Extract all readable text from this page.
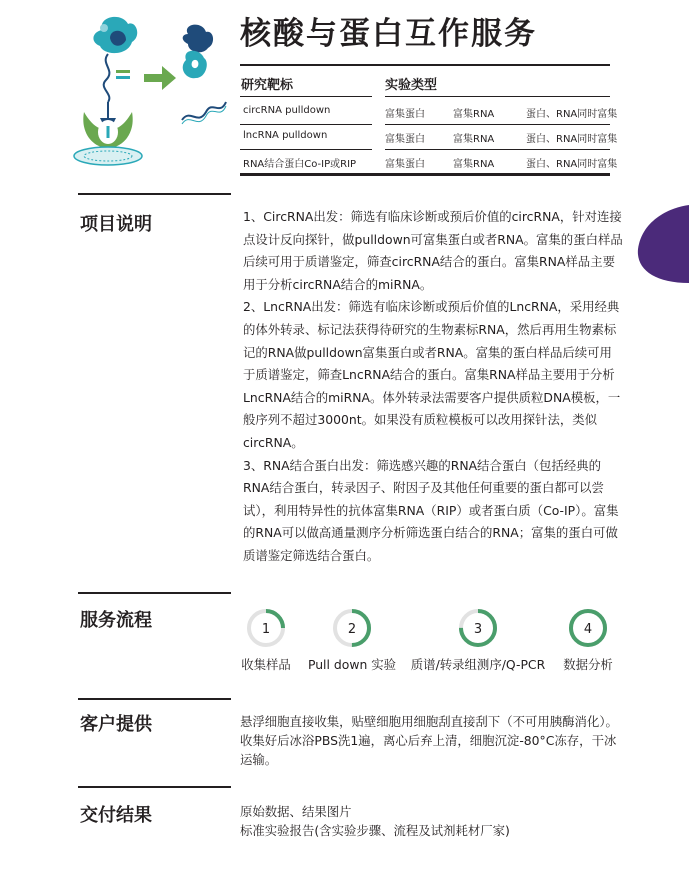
核酸与蛋白互作服务
研究靶标	实验类型
circRNA pulldown	富集蛋白	富集RNA	蛋白、RNA同时富集
lncRNA pulldown	富集蛋白	富集RNA	蛋白、RNA同时富集
RNA结合蛋白Co-IP或RIP	富集蛋白	富集RNA	蛋白、RNA同时富集
项目说明	1、CircRNA出发：筛选有临床诊断或预后价值的circRNA，针对连接点设计反向探针，做pulldown可富集蛋白或者RNA。富集的蛋白样品后续可用于质谱鉴定，筛查circRNA结合的蛋白。富集RNA样品主要用于分析circRNA结合的miRNA。

2、LncRNA出发：筛选有临床诊断或预后价值的LncRNA，采用经典的体外转录、标记法获得待研究的生物素标RNA，然后再用生物素标记的RNA做pulldown富集蛋白或者RNA。富集的蛋白样品后续可用于质谱鉴定，筛查LncRNA结合的蛋白。富集RNA样品主要用于分析LncRNA结合的miRNA。体外转录法需要客户提供质粒DNA模板，一般序列不超过3000nt。如果没有质粒模板可以改用探针法，类似circRNA。

3、RNA结合蛋白出发：筛选感兴趣的RNA结合蛋白（包括经典的RNA结合蛋白，转录因子、附因子及其他任何重要的蛋白都可以尝试），利用特异性的抗体富集RNA（RIP）或者蛋白质（Co-IP）。富集的RNA可以做高通量测序分析筛选蛋白结合的RNA；富集的蛋白可做质谱鉴定筛选结合蛋白。

服务流程	1	2	3	4
收集样品	Pull down 实验	质谱/转录组测序/Q-PCR	数据分析
客户提供	悬浮细胞直接收集，贴壁细胞用细胞刮直接刮下（不可用胰酶消化）。
收集好后冰浴PBS洗1遍，离心后弃上清，细胞沉淀-80°C冻存，干冰
运输。
交付结果	原始数据、结果图片
标准实验报告(含实验步骤、流程及试剂耗材厂家)
